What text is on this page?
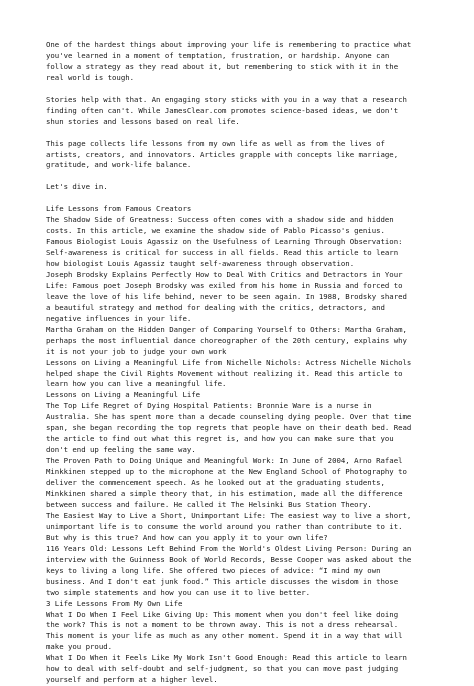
One of the hardest things about improving your life is remembering to practice what
you've learned in a moment of temptation, frustration, or hardship. Anyone can
follow a strategy as they read about it, but remembering to stick with it in the
real world is tough.

Stories help with that. An engaging story sticks with you in a way that a research
finding often can't. While JamesClear.com promotes science-based ideas, we don't
shun stories and lessons based on real life.

This page collects life lessons from my own life as well as from the lives of
artists, creators, and innovators. Articles grapple with concepts like marriage,
gratitude, and work-life balance.

Let's dive in.

Life Lessons from Famous Creators

The Shadow Side of Greatness: Success often comes with a shadow side and hidden
costs. In this article, we examine the shadow side of Pablo Picasso's genius.

Famous Biologist Louis Agassiz on the Usefulness of Learning Through Observation:
Self-awareness is critical for success in all fields. Read this article to learn
how biologist Louis Agassiz taught self-awareness through observation.

Joseph Brodsky Explains Perfectly How to Deal With Critics and Detractors in Your
Life: Famous poet Joseph Brodsky was exiled from his home in Russia and forced to
leave the love of his life behind, never to be seen again. In 1988, Brodsky shared
a beautiful strategy and method for dealing with the critics, detractors, and
negative influences in your life.

Martha Graham on the Hidden Danger of Comparing Yourself to Others: Martha Graham,
perhaps the most influential dance choreographer of the 20th century, explains why
it is not your job to judge your own work

Lessons on Living a Meaningful Life from Nichelle Nichols: Actress Nichelle Nichols
helped shape the Civil Rights Movement without realizing it. Read this article to
learn how you can live a meaningful life.

Lessons on Living a Meaningful Life

The Top Life Regret of Dying Hospital Patients: Bronnie Ware is a nurse in
Australia. She has spent more than a decade counseling dying people. Over that time
span, she began recording the top regrets that people have on their death bed. Read
the article to find out what this regret is, and how you can make sure that you
don't end up feeling the same way.

The Proven Path to Doing Unique and Meaningful Work: In June of 2004, Arno Rafael
Minkkinen stepped up to the microphone at the New England School of Photography to
deliver the commencement speech. As he looked out at the graduating students,
Minkkinen shared a simple theory that, in his estimation, made all the difference
between success and failure. He called it The Helsinki Bus Station Theory.

The Easiest Way to Live a Short, Unimportant Life: The easiest way to live a short,
unimportant life is to consume the world around you rather than contribute to it.
But why is this true? And how can you apply it to your own life?

116 Years Old: Lessons Left Behind From the World's Oldest Living Person: During an
interview with the Guinness Book of World Records, Besse Cooper was asked about the
keys to living a long life. She offered two pieces of advice: “I mind my own
business. And I don't eat junk food.” This article discusses the wisdom in those
two simple statements and how you can use it to live better.

3 Life Lessons From My Own Life

What I Do When I Feel Like Giving Up: This moment when you don't feel like doing
the work? This is not a moment to be thrown away. This is not a dress rehearsal.
This moment is your life as much as any other moment. Spend it in a way that will
make you proud.

What I Do When it Feels Like My Work Isn't Good Enough: Read this article to learn
how to deal with self-doubt and self-judgment, so that you can move past judging
yourself and perform at a higher level.
